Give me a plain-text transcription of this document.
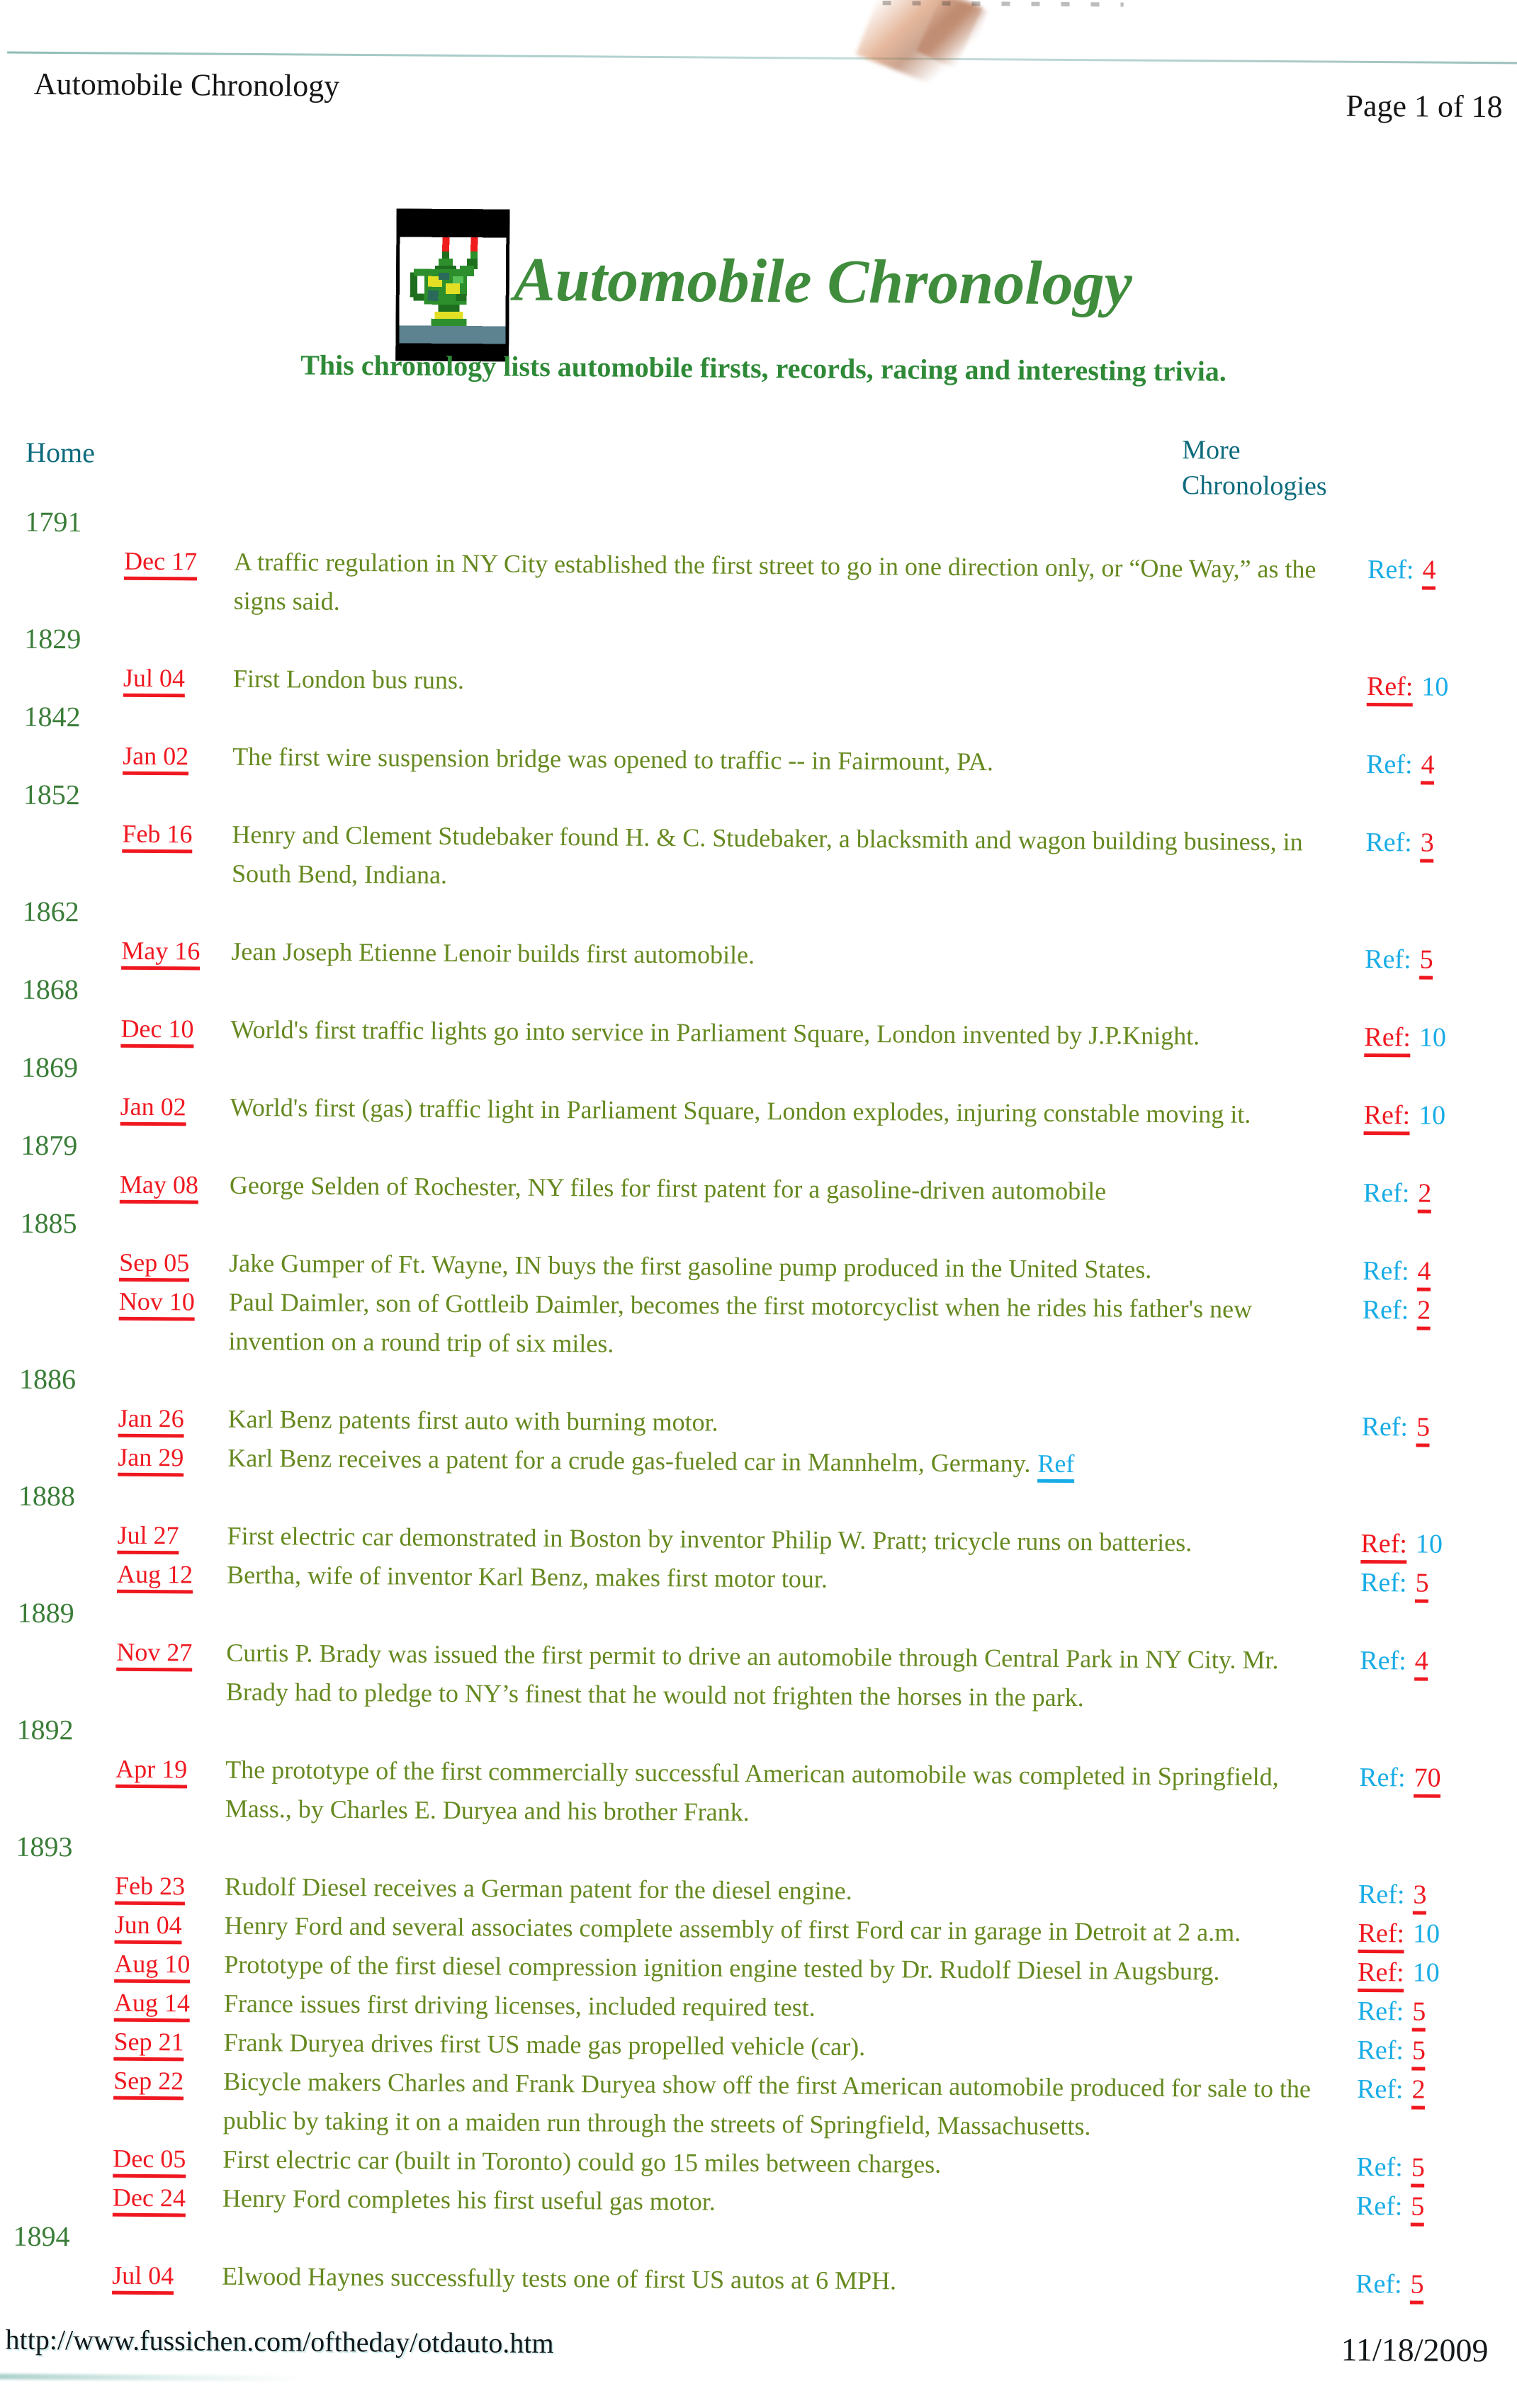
Automobile Chronology
Page 1 of 18
Automobile Chronology
This chronology lists automobile firsts, records, racing and interesting trivia.
Home	More Chronologies
1791
Dec 17	A traffic regulation in NY City established the first street to go in one direction only, or “One Way,” as the signs said.
Ref: 4
1829
Jul 04	First London bus runs.	Ref: 10
1842
Jan 02	The first wire suspension bridge was opened to traffic -- in Fairmount, PA.	Ref: 4
1852
Feb 16	Henry and Clement Studebaker found H. & C. Studebaker, a blacksmith and wagon building business, in South Bend, Indiana.
Ref: 3
1862
May 16	Jean Joseph Etienne Lenoir builds first automobile.	Ref: 5
1868
Dec 10	World's first traffic lights go into service in Parliament Square, London invented by J.P.Knight.	Ref: 10
1869
Jan 02	World's first (gas) traffic light in Parliament Square, London explodes, injuring constable moving it.	Ref: 10
1879
May 08	George Selden of Rochester, NY files for first patent for a gasoline-driven automobile	Ref: 2
1885
Sep 05	Jake Gumper of Ft. Wayne, IN buys the first gasoline pump produced in the United States.	Ref: 4
Nov 10	Paul Daimler, son of Gottleib Daimler, becomes the first motorcyclist when he rides his father's new invention on a round trip of six miles.
Ref: 2
1886
Jan 26	Karl Benz patents first auto with burning motor.	Ref: 5
Jan 29	Karl Benz receives a patent for a crude gas-fueled car in Mannhelm, Germany. Ref
1888
Jul 27	First electric car demonstrated in Boston by inventor Philip W. Pratt; tricycle runs on batteries.	Ref: 10
Aug 12	Bertha, wife of inventor Karl Benz, makes first motor tour.	Ref: 5
1889
Nov 27	Curtis P. Brady was issued the first permit to drive an automobile through Central Park in NY City. Mr. Brady had to pledge to NY’s finest that he would not frighten the horses in the park.
Ref: 4
1892
Apr 19	The prototype of the first commercially successful American automobile was completed in Springfield, Mass., by Charles E. Duryea and his brother Frank.
Ref: 70
1893
Feb 23	Rudolf Diesel receives a German patent for the diesel engine.	Ref: 3
Jun 04	Henry Ford and several associates complete assembly of first Ford car in garage in Detroit at 2 a.m.	Ref: 10
Aug 10	Prototype of the first diesel compression ignition engine tested by Dr. Rudolf Diesel in Augsburg.	Ref: 10
Aug 14	France issues first driving licenses, included required test.	Ref: 5
Sep 21	Frank Duryea drives first US made gas propelled vehicle (car).	Ref: 5
Sep 22	Bicycle makers Charles and Frank Duryea show off the first American automobile produced for sale to the public by taking it on a maiden run through the streets of Springfield, Massachusetts.
Ref: 2
Dec 05	First electric car (built in Toronto) could go 15 miles between charges.	Ref: 5
Dec 24	Henry Ford completes his first useful gas motor.	Ref: 5
1894
Jul 04	Elwood Haynes successfully tests one of first US autos at 6 MPH.	Ref: 5
http://www.fussichen.com/oftheday/otdauto.htm	11/18/2009
